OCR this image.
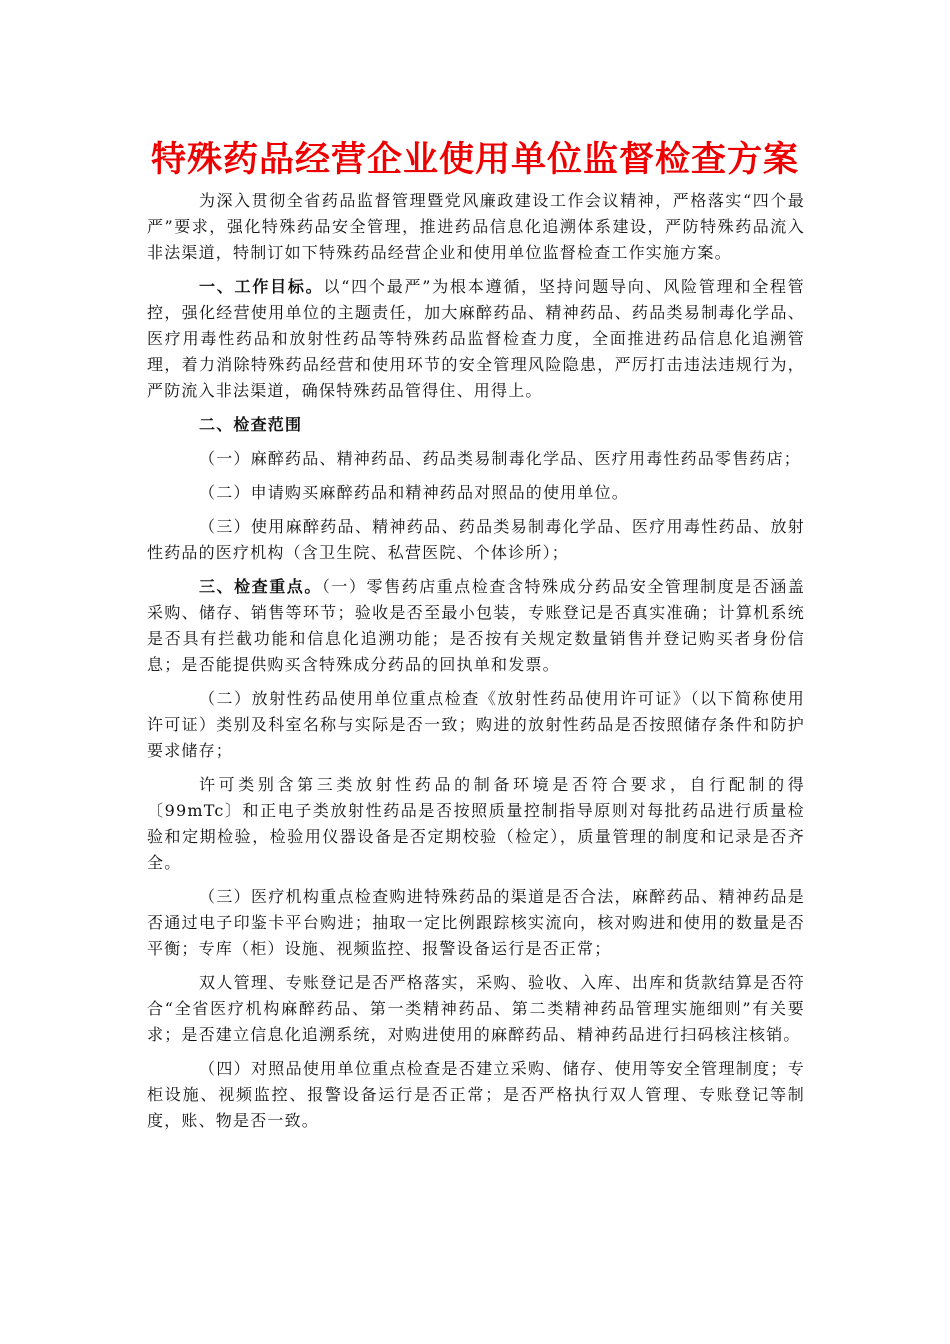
特殊药品经营企业使用单位监督检查方案

为深入贯彻全省药品监督管理暨党风廉政建设工作会议精神，严格落实“四个最严”要求，强化特殊药品安全管理，推进药品信息化追溯体系建设，严防特殊药品流入非法渠道，特制订如下特殊药品经营企业和使用单位监督检查工作实施方案。

一、工作目标。以“四个最严”为根本遵循，坚持问题导向、风险管理和全程管控，强化经营使用单位的主题责任，加大麻醉药品、精神药品、药品类易制毒化学品、医疗用毒性药品和放射性药品等特殊药品监督检查力度，全面推进药品信息化追溯管理，着力消除特殊药品经营和使用环节的安全管理风险隐患，严厉打击违法违规行为，严防流入非法渠道，确保特殊药品管得住、用得上。

二、检查范围

（一）麻醉药品、精神药品、药品类易制毒化学品、医疗用毒性药品零售药店；

（二）申请购买麻醉药品和精神药品对照品的使用单位。

（三）使用麻醉药品、精神药品、药品类易制毒化学品、医疗用毒性药品、放射性药品的医疗机构（含卫生院、私营医院、个体诊所）；

三、检查重点。（一）零售药店重点检查含特殊成分药品安全管理制度是否涵盖采购、储存、销售等环节；验收是否至最小包装，专账登记是否真实准确；计算机系统是否具有拦截功能和信息化追溯功能；是否按有关规定数量销售并登记购买者身份信息；是否能提供购买含特殊成分药品的回执单和发票。

（二）放射性药品使用单位重点检查《放射性药品使用许可证》（以下简称使用许可证）类别及科室名称与实际是否一致；购进的放射性药品是否按照储存条件和防护要求储存；

许可类别含第三类放射性药品的制备环境是否符合要求，自行配制的得〔99mTc〕和正电子类放射性药品是否按照质量控制指导原则对每批药品进行质量检验和定期检验，检验用仪器设备是否定期校验（检定），质量管理的制度和记录是否齐全。

（三）医疗机构重点检查购进特殊药品的渠道是否合法，麻醉药品、精神药品是否通过电子印鉴卡平台购进；抽取一定比例跟踪核实流向，核对购进和使用的数量是否平衡；专库（柜）设施、视频监控、报警设备运行是否正常；

双人管理、专账登记是否严格落实，采购、验收、入库、出库和货款结算是否符合“全省医疗机构麻醉药品、第一类精神药品、第二类精神药品管理实施细则”有关要求；是否建立信息化追溯系统，对购进使用的麻醉药品、精神药品进行扫码核注核销。

（四）对照品使用单位重点检查是否建立采购、储存、使用等安全管理制度；专柜设施、视频监控、报警设备运行是否正常；是否严格执行双人管理、专账登记等制度，账、物是否一致。
